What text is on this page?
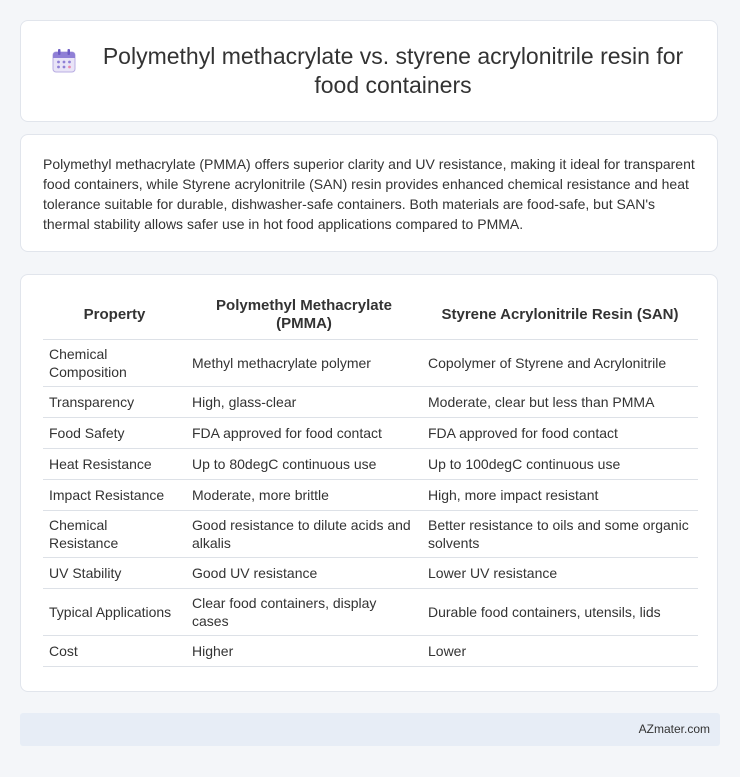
Polymethyl methacrylate vs. styrene acrylonitrile resin for food containers

Polymethyl methacrylate (PMMA) offers superior clarity and UV resistance, making it ideal for transparent food containers, while Styrene acrylonitrile (SAN) resin provides enhanced chemical resistance and heat tolerance suitable for durable, dishwasher-safe containers. Both materials are food-safe, but SAN's thermal stability allows safer use in hot food applications compared to PMMA.

Property	Polymethyl Methacrylate (PMMA)	Styrene Acrylonitrile Resin (SAN)
Chemical Composition	Methyl methacrylate polymer	Copolymer of Styrene and Acrylonitrile
Transparency	High, glass-clear	Moderate, clear but less than PMMA
Food Safety	FDA approved for food contact	FDA approved for food contact
Heat Resistance	Up to 80degC continuous use	Up to 100degC continuous use
Impact Resistance	Moderate, more brittle	High, more impact resistant
Chemical Resistance	Good resistance to dilute acids and alkalis	Better resistance to oils and some organic solvents
UV Stability	Good UV resistance	Lower UV resistance
Typical Applications	Clear food containers, display cases	Durable food containers, utensils, lids
Cost	Higher	Lower
AZmater.com
